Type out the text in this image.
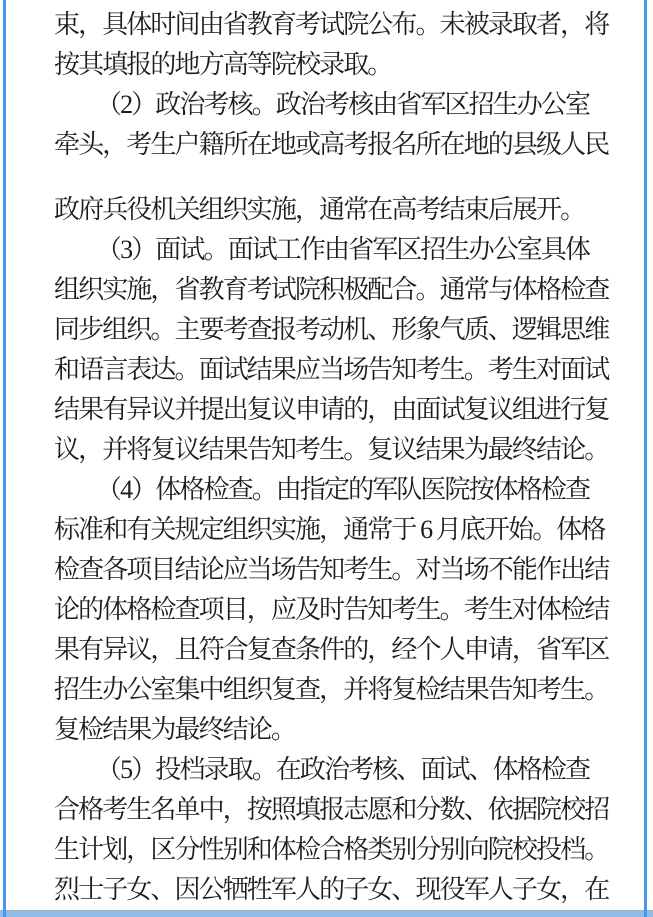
束，具体时间由省教育考试院公布。未被录取者，将
按其填报的地方高等院校录取。
（2）政治考核。政治考核由省军区招生办公室
牵头，考生户籍所在地或高考报名所在地的县级人民
政府兵役机关组织实施，通常在高考结束后展开。
（3）面试。面试工作由省军区招生办公室具体
组织实施，省教育考试院积极配合。通常与体格检查
同步组织。主要考查报考动机、形象气质、逻辑思维
和语言表达。面试结果应当场告知考生。考生对面试
结果有异议并提出复议申请的，由面试复议组进行复
议，并将复议结果告知考生。复议结果为最终结论。
（4）体格检查。由指定的军队医院按体格检查
标准和有关规定组织实施，通常于 6 月底开始。体格
检查各项目结论应当场告知考生。对当场不能作出结
论的体格检查项目，应及时告知考生。考生对体检结
果有异议，且符合复查条件的，经个人申请，省军区
招生办公室集中组织复查，并将复检结果告知考生。
复检结果为最终结论。
（5）投档录取。在政治考核、面试、体格检查
合格考生名单中，按照填报志愿和分数、依据院校招
生计划，区分性别和体检合格类别分别向院校投档。
烈士子女、因公牺牲军人的子女、现役军人子女，在
